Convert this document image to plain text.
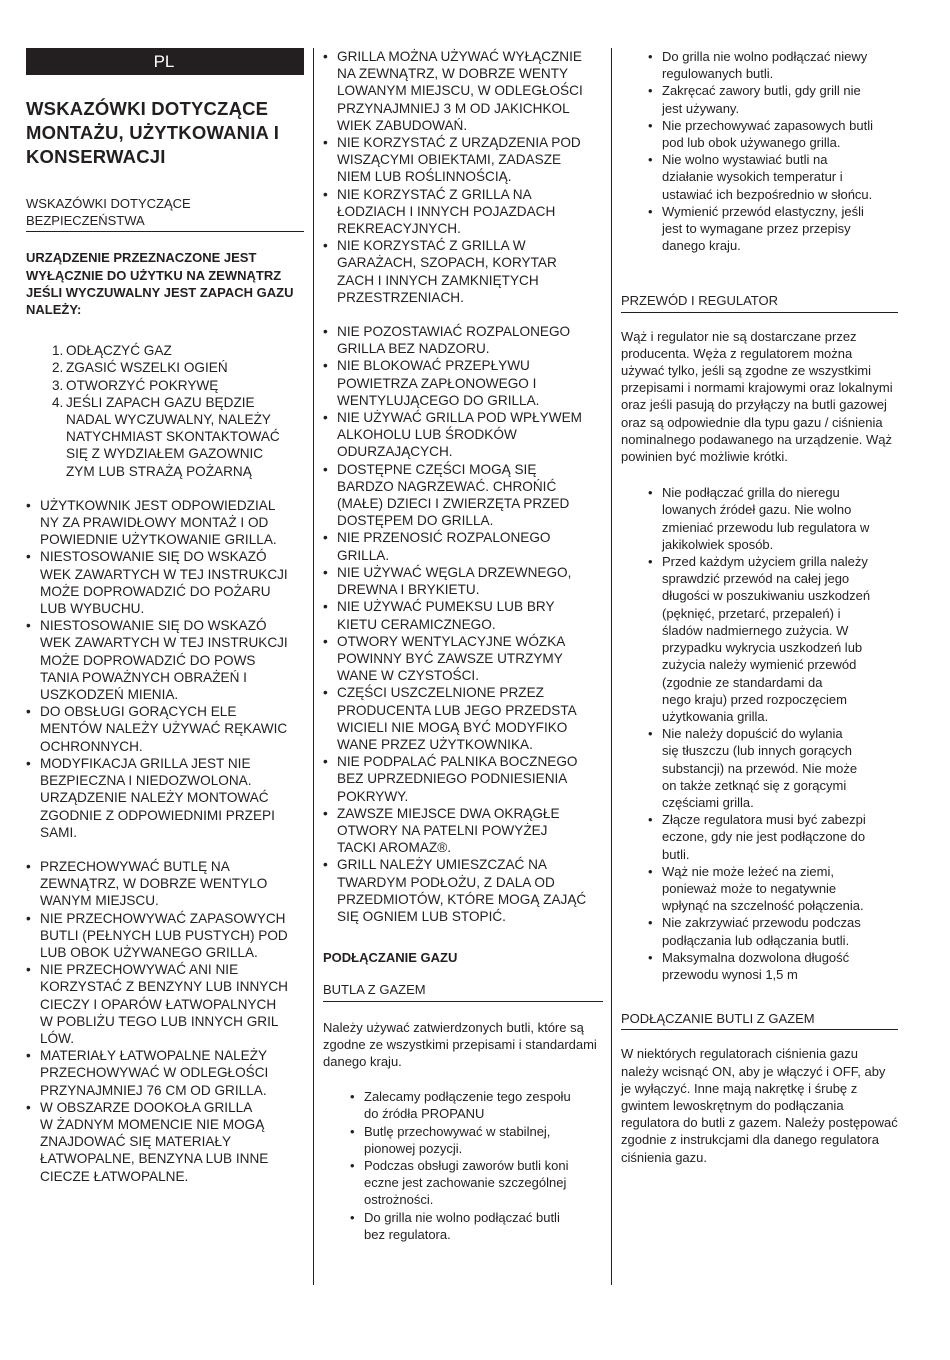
PL
WSKAZÓWKI DOTYCZĄCE MONTAŻU, UŻYTKOWANIA I KONSERWACJI
WSKAZÓWKI DOTYCZĄCE BEZPIECZEŃSTWA
URZĄDZENIE PRZEZNACZONE JEST WYŁĄCZNIE DO UŻYTKU NA ZEWNĄTRZ JEŚLI WYCZUWALNY JEST ZAPACH GAZU NALEŻY:
1. ODŁĄCZYĆ GAZ
2. ZGASIĆ WSZELKI OGIEŃ
3. OTWORZYĆ POKRYWĘ
4. JEŚLI ZAPACH GAZU BĘDZIE
NADAL WYCZUWALNY, NALEŻY
NATYCHMIAST SKONTAKTOWAĆ
SIĘ Z WYDZIAŁEM GAZOWNIC
ZYM LUB STRAŻĄ POŻARNĄ
• UŻYTKOWNIK JEST ODPOWIEDZIAL
NY ZA PRAWIDŁOWY MONTAŻ I OD
POWIEDNIE UŻYTKOWANIE GRILLA.
• NIESTOSOWANIE SIĘ DO WSKAZÓ
WEK ZAWARTYCH W TEJ INSTRUKCJI
MOŻE DOPROWADZIĆ DO POŻARU
LUB WYBUCHU.
• NIESTOSOWANIE SIĘ DO WSKAZÓ
WEK ZAWARTYCH W TEJ INSTRUKCJI
MOŻE DOPROWADZIĆ DO POWS
TANIA POWAŻNYCH OBRAŻEŃ I
USZKODZEŃ MIENIA.
• DO OBSŁUGI GORĄCYCH ELE
MENTÓW NALEŻY UŻYWAĆ RĘKAWIC
OCHRONNYCH.
• MODYFIKACJA GRILLA JEST NIE
BEZPIECZNA I NIEDOZWOLONA.
URZĄDZENIE NALEŻY MONTOWAĆ
ZGODNIE Z ODPOWIEDNIMI PRZEPI
SAMI.
• PRZECHOWYWAĆ BUTLĘ NA
ZEWNĄTRZ, W DOBRZE WENTYLO
WANYM MIEJSCU.
• NIE PRZECHOWYWAĆ ZAPASOWYCH
BUTLI (PEŁNYCH LUB PUSTYCH) POD
LUB OBOK UŻYWANEGO GRILLA.
• NIE PRZECHOWYWAĆ ANI NIE
KORZYSTAĆ Z BENZYNY LUB INNYCH
CIECZY I OPARÓW ŁATWOPALNYCH
W POBLIŻU TEGO LUB INNYCH GRIL
LÓW.
• MATERIAŁY ŁATWOPALNE NALEŻY
PRZECHOWYWAĆ W ODLEGŁOŚCI
PRZYNAJMNIEJ 76 CM OD GRILLA.
• W OBSZARZE DOOKOŁA GRILLA
W ŻADNYM MOMENCIE NIE MOGĄ
ZNAJDOWAĆ SIĘ MATERIAŁY
ŁATWOPALNE, BENZYNA LUB INNE
CIECZE ŁATWOPALNE.
• GRILLA MOŻNA UŻYWAĆ WYŁĄCZNIE
NA ZEWNĄTRZ, W DOBRZE WENTY
LOWANYM MIEJSCU, W ODLEGŁOŚCI
PRZYNAJMNIEJ 3 M OD JAKICHKOL
WIEK ZABUDOWAŃ.
• NIE KORZYSTAĆ Z URZĄDZENIA POD
WISZĄCYMI OBIEKTAMI, ZADASZE
NIEM LUB ROŚLINNOŚCIĄ.
• NIE KORZYSTAĆ Z GRILLA NA
ŁODZIACH I INNYCH POJAZDACH
REKREACYJNYCH.
• NIE KORZYSTAĆ Z GRILLA W
GARAŻACH, SZOPACH, KORYTAR
ZACH I INNYCH ZAMKNIĘTYCH
PRZESTRZENIACH.
• NIE POZOSTAWIAĆ ROZPALONEGO
GRILLA BEZ NADZORU.
• NIE BLOKOWAĆ PRZEPŁYWU
POWIETRZA ZAPŁONOWEGO I
WENTYLUJĄCEGO DO GRILLA.
• NIE UŻYWAĆ GRILLA POD WPŁYWEM
ALKOHOLU LUB ŚRODKÓW
ODURZAJĄCYCH.
• DOSTĘPNE CZĘŚCI MOGĄ SIĘ
BARDZO NAGRZEWAĆ. CHROŃIĆ
(MAŁE) DZIECI I ZWIERZĘTA PRZED
DOSTĘPEM DO GRILLA.
• NIE PRZENOSIĆ ROZPALONEGO
GRILLA.
• NIE UŻYWAĆ WĘGLA DRZEWNEGO,
DREWNA I BRYKIETU.
• NIE UŻYWAĆ PUMEKSU LUB BRY
KIETU CERAMICZNEGO.
• OTWORY WENTYLACYJNE WÓZKA
POWINNY BYĆ ZAWSZE UTRZYMY
WANE W CZYSTOŚCI.
• CZĘŚCI USZCZELNIONE PRZEZ
PRODUCENTA LUB JEGO PRZEDSTA
WICIELI NIE MOGĄ BYĆ MODYFIKO
WANE PRZEZ UŻYTKOWNIKA.
• NIE PODPALAĆ PALNIKA BOCZNEGO
BEZ UPRZEDNIEGO PODNIESIENIA
POKRYWY.
• ZAWSZE MIEJSCE DWA OKRĄGŁE
OTWORY NA PATELNI POWYŻEJ
TACKI AROMAZ®.
• GRILL NALEŻY UMIESZCZAĆ NA
TWARDYM PODŁOŻU, Z DALA OD
PRZEDMIOTÓW, KTÓRE MOGĄ ZAJĄĆ
SIĘ OGNIEM LUB STOPIĆ.
PODŁĄCZANIE GAZU
BUTLA Z GAZEM

Należy używać zatwierdzonych butli, które są zgodne ze wszystkimi przepisami i standardami danego kraju.

• Zalecamy podłączenie tego zespołu
do źródła PROPANU
• Butlę przechowywać w stabilnej,
pionowej pozycji.
• Podczas obsługi zaworów butli koni
eczne jest zachowanie szczególnej
ostrożności.
• Do grilla nie wolno podłączać butli
bez regulatora.
• Do grilla nie wolno podłączać niewy
regulowanych butli.
• Zakręcać zawory butli, gdy grill nie
jest używany.
• Nie przechowywać zapasowych butli
pod lub obok używanego grilla.
• Nie wolno wystawiać butli na
działanie wysokich temperatur i
ustawiać ich bezpośrednio w słońcu.
• Wymienić przewód elastyczny, jeśli
jest to wymagane przez przepisy
danego kraju.
PRZEWÓD I REGULATOR

Wąż i regulator nie są dostarczane przez producenta. Węża z regulatorem można używać tylko, jeśli są zgodne ze wszystkimi przepisami i normami krajowymi oraz lokalnymi oraz jeśli pasują do przyłączy na butli gazowej oraz są odpowiednie dla typu gazu / ciśnienia nominalnego podawanego na urządzenie. Wąż powinien być możliwie krótki.

• Nie podłączać grilla do nieregu
lowanych źródeł gazu. Nie wolno
zmieniać przewodu lub regulatora w
jakikolwiek sposób.
• Przed każdym użyciem grilla należy
sprawdzić przewód na całej jego
długości w poszukiwaniu uszkodzeń
(pęknięć, przetarć, przepaleń) i
śladów nadmiernego zużycia. W
przypadku wykrycia uszkodzeń lub
zużycia należy wymienić przewód
(zgodnie ze standardami da
nego kraju) przed rozpoczęciem
użytkowania grilla.
• Nie należy dopuścić do wylania
się tłuszczu (lub innych gorących
substancji) na przewód. Nie może
on także zetknąć się z gorącymi
częściami grilla.
• Złącze regulatora musi być zabezpi
eczone, gdy nie jest podłączone do
butli.
• Wąż nie może leżeć na ziemi,
ponieważ może to negatywnie
wpłynąć na szczelność połączenia.
• Nie zakrzywiać przewodu podczas
podłączania lub odłączania butli.
• Maksymalna dozwolona długość
przewodu wynosi 1,5 m
PODŁĄCZANIE BUTLI Z GAZEM

W niektórych regulatorach ciśnienia gazu należy wcisnąć ON, aby je włączyć i OFF, aby je wyłączyć. Inne mają nakrętkę i śrubę z gwintem lewoskrętnym do podłączania regulatora do butli z gazem. Należy postępować zgodnie z instrukcjami dla danego regulatora ciśnienia gazu.
